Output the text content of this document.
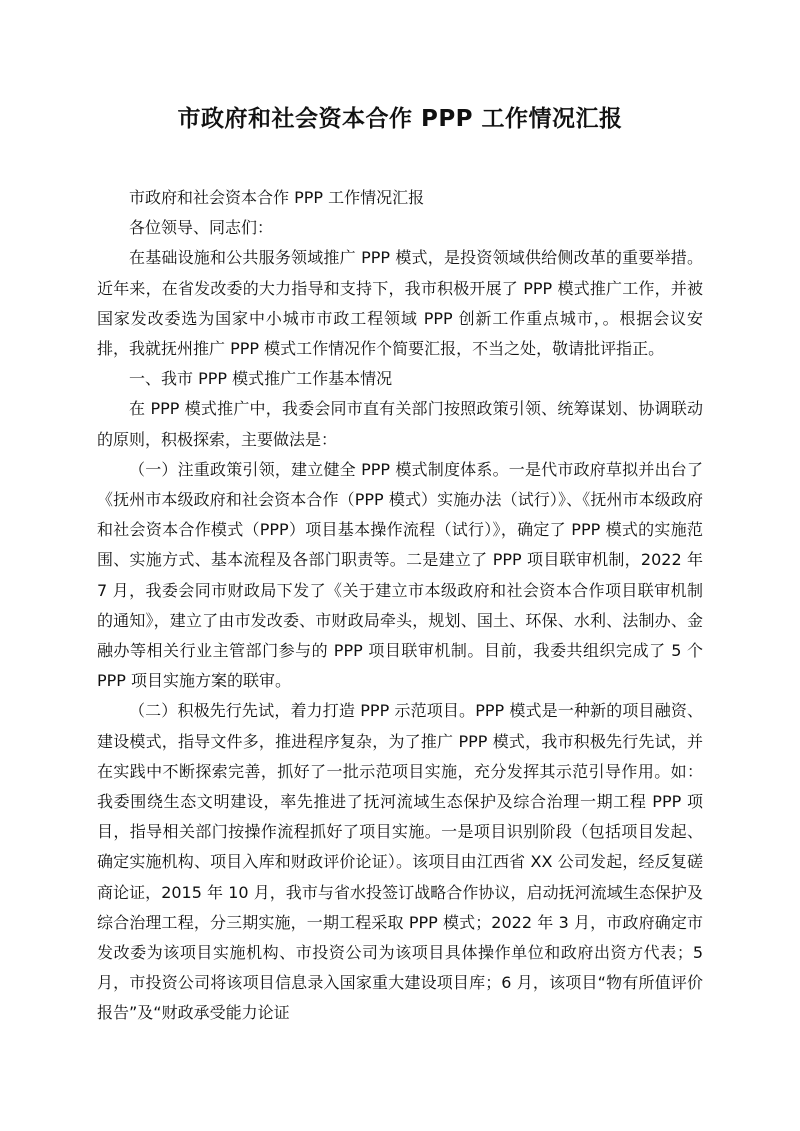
市政府和社会资本合作 PPP 工作情况汇报

市政府和社会资本合作 PPP 工作情况汇报

各位领导、同志们：

在基础设施和公共服务领域推广 PPP 模式，是投资领域供给侧改革的重要举措。近年来，在省发改委的大力指导和支持下，我市积极开展了 PPP 模式推广工作，并被国家发改委选为国家中小城市市政工程领域 PPP 创新工作重点城市，。根据会议安排，我就抚州推广 PPP 模式工作情况作个简要汇报，不当之处，敬请批评指正。

一、我市 PPP 模式推广工作基本情况

在 PPP 模式推广中，我委会同市直有关部门按照政策引领、统筹谋划、协调联动的原则，积极探索，主要做法是：

（一）注重政策引领，建立健全 PPP 模式制度体系。一是代市政府草拟并出台了《抚州市本级政府和社会资本合作（PPP 模式）实施办法（试行）》、《抚州市本级政府和社会资本合作模式（PPP）项目基本操作流程（试行）》，确定了 PPP 模式的实施范围、实施方式、基本流程及各部门职责等。二是建立了 PPP 项目联审机制，2022 年 7 月，我委会同市财政局下发了《关于建立市本级政府和社会资本合作项目联审机制的通知》，建立了由市发改委、市财政局牵头，规划、国土、环保、水利、法制办、金融办等相关行业主管部门参与的 PPP 项目联审机制。目前，我委共组织完成了 5 个 PPP 项目实施方案的联审。

（二）积极先行先试，着力打造 PPP 示范项目。PPP 模式是一种新的项目融资、建设模式，指导文件多，推进程序复杂，为了推广 PPP 模式，我市积极先行先试，并在实践中不断探索完善，抓好了一批示范项目实施，充分发挥其示范引导作用。如：我委围绕生态文明建设，率先推进了抚河流域生态保护及综合治理一期工程 PPP 项目，指导相关部门按操作流程抓好了项目实施。一是项目识别阶段（包括项目发起、确定实施机构、项目入库和财政评价论证）。该项目由江西省 XX 公司发起，经反复磋商论证，2015 年 10 月，我市与省水投签订战略合作协议，启动抚河流域生态保护及综合治理工程，分三期实施，一期工程采取 PPP 模式；2022 年 3 月，市政府确定市发改委为该项目实施机构、市投资公司为该项目具体操作单位和政府出资方代表；5 月，市投资公司将该项目信息录入国家重大建设项目库；6 月，该项目“物有所值评价报告”及“财政承受能力论证
